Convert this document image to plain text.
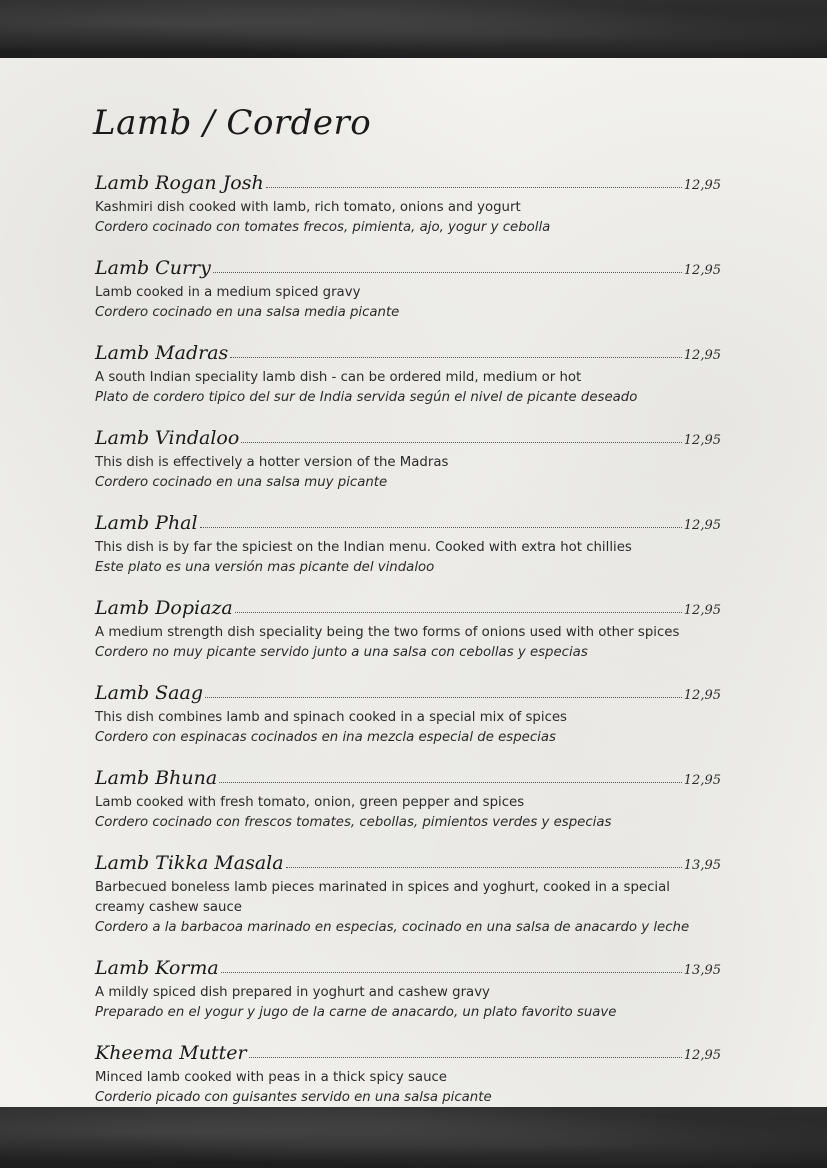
Lamb / Cordero
Lamb Rogan Josh	12,95
Kashmiri dish cooked with lamb, rich tomato, onions and yogurt
Cordero cocinado con tomates frecos, pimienta, ajo, yogur y cebolla
Lamb Curry	12,95
Lamb cooked in a medium spiced gravy
Cordero cocinado en una salsa media picante
Lamb Madras	12,95
A south Indian speciality lamb dish - can be ordered mild, medium or hot
Plato de cordero tipico del sur de India servida según el nivel de picante deseado
Lamb Vindaloo	12,95
This dish is effectively a hotter version of the Madras
Cordero cocinado en una salsa muy picante
Lamb Phal	12,95
This dish is by far the spiciest on the Indian menu. Cooked with extra hot chillies
Este plato es una versión mas picante del vindaloo
Lamb Dopiaza	12,95
A medium strength dish speciality being the two forms of onions used with other spices
Cordero no muy picante servido junto a una salsa con cebollas y especias
Lamb Saag	12,95
This dish combines lamb and spinach cooked in a special mix of spices
Cordero con espinacas cocinados en ina mezcla especial de especias
Lamb Bhuna	12,95
Lamb cooked with fresh tomato, onion, green pepper and spices
Cordero cocinado con frescos tomates, cebollas, pimientos verdes y especias
Lamb Tikka Masala	13,95
Barbecued boneless lamb pieces marinated in spices and yoghurt, cooked in a special creamy cashew sauce
Cordero a la barbacoa marinado en especias, cocinado en una salsa de anacardo y leche
Lamb Korma	13,95
A mildly spiced dish prepared in yoghurt and cashew gravy
Preparado en el yogur y jugo de la carne de anacardo, un plato favorito suave
Kheema Mutter	12,95
Minced lamb cooked with peas in a thick spicy sauce
Corderio picado con guisantes servido en una salsa picante
